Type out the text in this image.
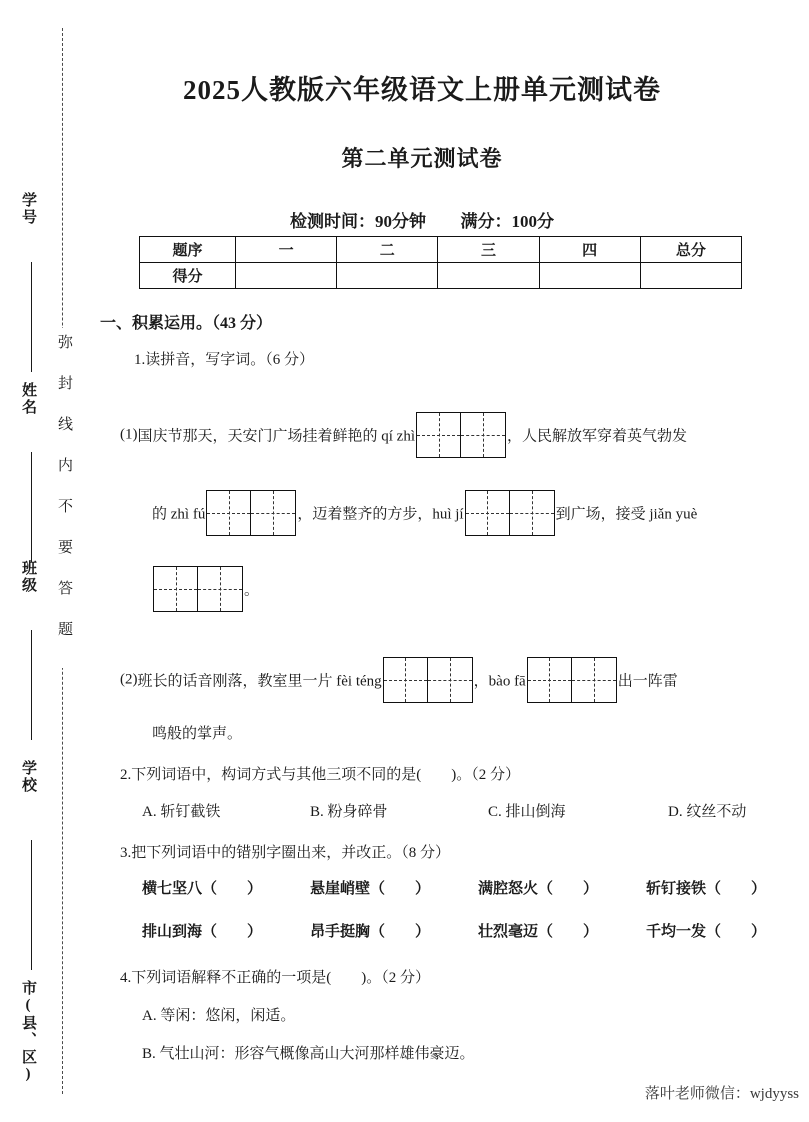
学号
姓名
班级
学校
市(县、区)
弥封线内不要答题
2025人教版六年级语文上册单元测试卷
第二单元测试卷
检测时间：90分钟 满分：100分
题序	一	二	三	四	总分
得分					
一、积累运用。（43 分）
1.读拼音，写字词。（6 分）
(1)国庆节那天，天安门广场挂着鲜艳的 qí zhì	，人民解放军穿着英气勃发
的 zhì fú	，迈着整齐的方步，huì jí	到广场，接受 jiǎn yuè
。
(2)班长的话音刚落，教室里一片 fèi téng	，bào fā	出一阵雷
鸣般的掌声。
2.下列词语中，构词方式与其他三项不同的是(　　)。（2 分）
A. 斩钉截铁	B. 粉身碎骨	C. 排山倒海	D. 纹丝不动
3.把下列词语中的错别字圈出来，并改正。（8 分）
横七坚八（　　）	悬崖峭壁（　　）	满腔怒火（　　）	斩钉接铁（　　）
排山到海（　　）	昂手挺胸（　　）	壮烈毫迈（　　）	千均一发（　　）
4.下列词语解释不正确的一项是(　　)。（2 分）
A. 等闲：悠闲，闲适。
B. 气壮山河：形容气概像高山大河那样雄伟豪迈。
落叶老师微信：wjdyyss
